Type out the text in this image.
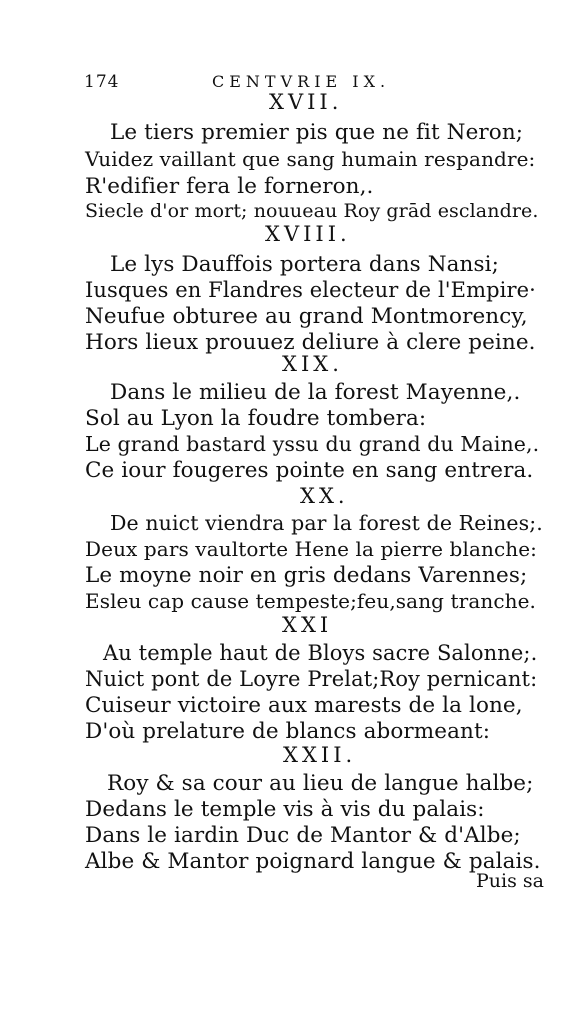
174	CENTVRIE IX.
XVII.
Le tiers premier pis que ne fit Neron;
Vuidez vaillant que sang humain respandre:
R'edifier fera le forneron,.
Siecle d'or mort; nouueau Roy grād esclandre.
XVIII.
Le lys Dauffois portera dans Nansi;
Iusques en Flandres electeur de l'Empire·
Neufue obturee au grand Montmorency,
Hors lieux prouuez deliure à clere peine.
XIX.
Dans le milieu de la forest Mayenne,.
Sol au Lyon la foudre tombera:
Le grand bastard yssu du grand du Maine,.
Ce iour fougeres pointe en sang entrera.
XX.
De nuict viendra par la forest de Reines;.
Deux pars vaultorte Hene la pierre blanche:
Le moyne noir en gris dedans Varennes;
Esleu cap cause tempeste;feu,sang tranche.
XXI
Au temple haut de Bloys sacre Salonne;.
Nuict pont de Loyre Prelat;Roy pernicant:
Cuiseur victoire aux marests de la lone,
D'où prelature de blancs abormeant:
XXII.
Roy & sa cour au lieu de langue halbe;
Dedans le temple vis à vis du palais:
Dans le iardin Duc de Mantor & d'Albe;
Albe & Mantor poignard langue & palais.
Puis sa
